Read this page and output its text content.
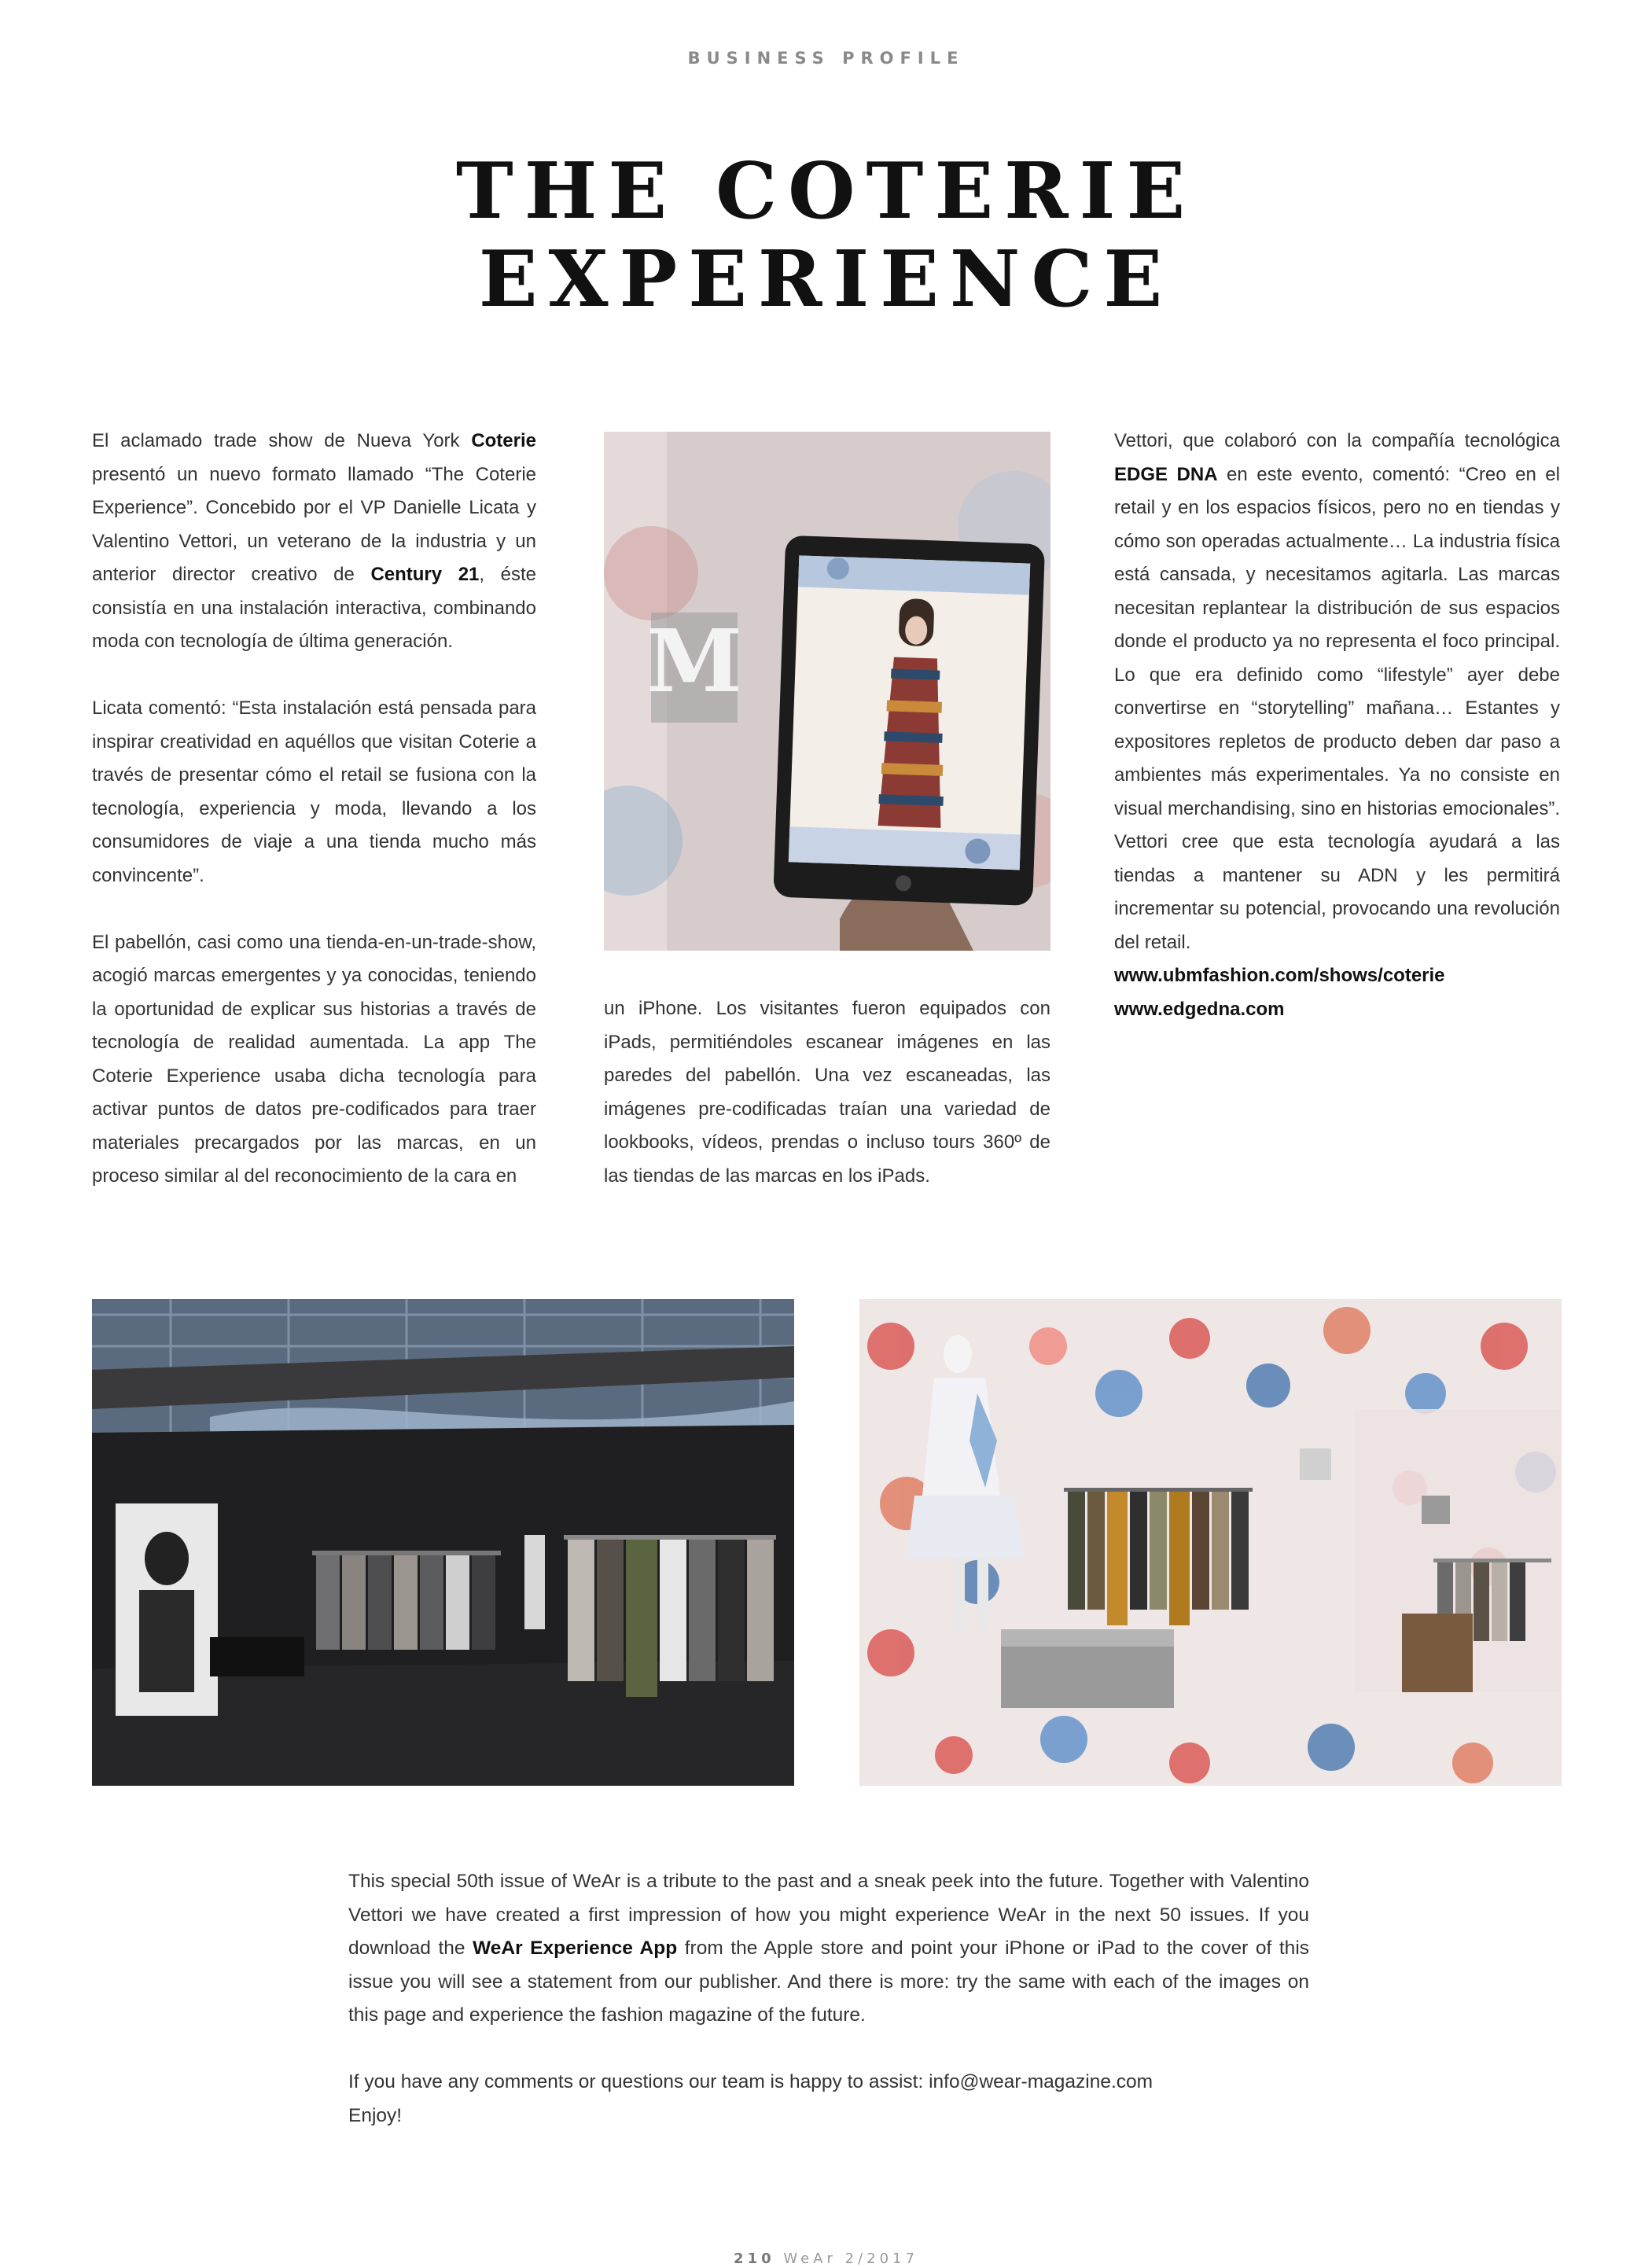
BUSINESS PROFILE
THE COTERIE
EXPERIENCE

El aclamado trade show de Nueva York Coterie presentó un nuevo formato llamado “The Coterie Experience”. Concebido por el VP Danielle Licata y Valentino Vettori, un veterano de la industria y un anterior director creativo de Century 21, éste consistía en una instalación interactiva, combinando moda con tecnología de última generación.

Licata comentó: “Esta instalación está pensada para inspirar creatividad en aquéllos que visitan Coterie a través de presentar cómo el retail se fusiona con la tecnología, experiencia y moda, llevando a los consumidores de viaje a una tienda mucho más convincente”.

El pabellón, casi como una tienda-en-un-trade-show, acogió marcas emergentes y ya conocidas, teniendo la oportunidad de explicar sus historias a través de tecnología de realidad aumentada. La app The Coterie Experience usaba dicha tecnología para activar puntos de datos pre-codificados para traer materiales precargados por las marcas, en un proceso similar al del reconocimiento de la cara en

M

un iPhone. Los visitantes fueron equipados con iPads, permitiéndoles escanear imágenes en las paredes del pabellón. Una vez escaneadas, las imágenes pre-codificadas traían una variedad de lookbooks, vídeos, prendas o incluso tours 360º de las tiendas de las marcas en los iPads.

Vettori, que colaboró con la compañía tecnológica EDGE DNA en este evento, comentó: “Creo en el retail y en los espacios físicos, pero no en tiendas y cómo son operadas actualmente… La industria física está cansada, y necesitamos agitarla. Las marcas necesitan replantear la distribución de sus espacios donde el producto ya no representa el foco principal. Lo que era definido como “lifestyle” ayer debe convertirse en “storytelling” mañana… Estantes y expositores repletos de producto deben dar paso a ambientes más experimentales. Ya no consiste en visual merchandising, sino en historias emocionales”. Vettori cree que esta tecnología ayudará a las tiendas a mantener su ADN y les permitirá incrementar su potencial, provocando una revolución del retail.

www.ubmfashion.com/shows/coterie
www.edgedna.com

This special 50th issue of WeAr is a tribute to the past and a sneak peek into the future. Together with Valentino Vettori we have created a first impression of how you might experience WeAr in the next 50 issues. If you download the WeAr Experience App from the Apple store and point your iPhone or iPad to the cover of this issue you will see a statement from our publisher. And there is more: try the same with each of the images on this page and experience the fashion magazine of the future.

If you have any comments or questions our team is happy to assist: info@wear-magazine.com
Enjoy!

210 WeAr 2/2017
